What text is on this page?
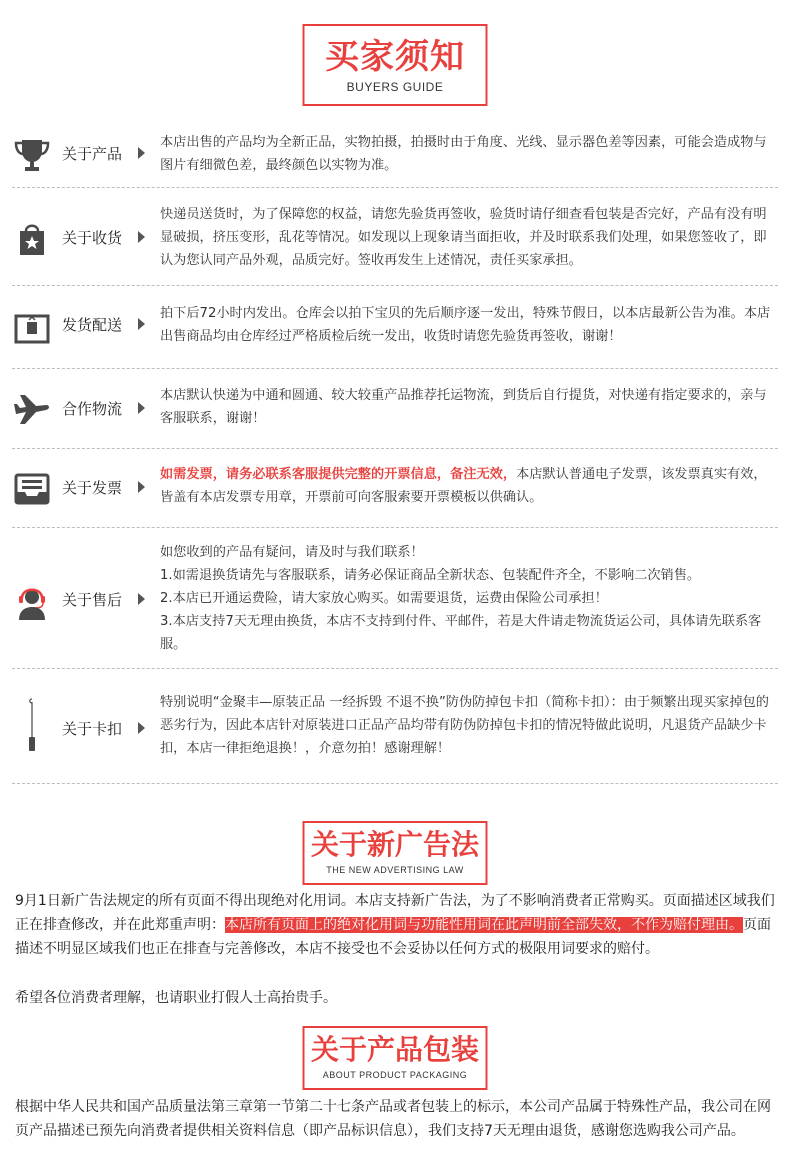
买家须知
BUYERS GUIDE
关于产品
本店出售的产品均为全新正品，实物拍摄，拍摄时由于角度、光线、显示器色差等因素，可能会造成物与图片有细微色差，最终颜色以实物为准。
关于收货
快递员送货时，为了保障您的权益，请您先验货再签收，验货时请仔细查看包装是否完好，产品有没有明显破损，挤压变形，乱花等情况。如发现以上现象请当面拒收，并及时联系我们处理，如果您签收了，即认为您认同产品外观，品质完好。签收再发生上述情况，责任买家承担。
发货配送
拍下后72小时内发出。仓库会以拍下宝贝的先后顺序逐一发出，特殊节假日，以本店最新公告为准。本店出售商品均由仓库经过严格质检后统一发出，收货时请您先验货再签收，谢谢！
合作物流
本店默认快递为中通和圆通、较大较重产品推荐托运物流，到货后自行提货，对快递有指定要求的，亲与客服联系，谢谢！
关于发票
如需发票，请务必联系客服提供完整的开票信息，备注无效，本店默认普通电子发票，该发票真实有效，皆盖有本店发票专用章，开票前可向客服索要开票模板以供确认。
关于售后
如您收到的产品有疑问，请及时与我们联系！
1.如需退换货请先与客服联系，请务必保证商品全新状态、包装配件齐全，不影响二次销售。
2.本店已开通运费险，请大家放心购买。如需要退货，运费由保险公司承担！
3.本店支持7天无理由换货，本店不支持到付件、平邮件，若是大件请走物流货运公司，具体请先联系客服。
关于卡扣
特别说明“金聚丰—原装正品 一经拆毁 不退不换”防伪防掉包卡扣（简称卡扣）：由于频繁出现买家掉包的恶劣行为，因此本店针对原装进口正品产品均带有防伪防掉包卡扣的情况特做此说明，凡退货产品缺少卡扣，本店一律拒绝退换！，介意勿拍！感谢理解！
关于新广告法
THE NEW ADVERTISING LAW
9月1日新广告法规定的所有页面不得出现绝对化用词。本店支持新广告法，为了不影响消费者正常购买。页面描述区域我们正在排查修改，并在此郑重声明：本店所有页面上的绝对化用词与功能性用词在此声明前全部失效，不作为赔付理由。页面描述不明显区域我们也正在排查与完善修改，本店不接受也不会妥协以任何方式的极限用词要求的赔付。
希望各位消费者理解，也请职业打假人士高抬贵手。
关于产品包装
ABOUT PRODUCT PACKAGING
根据中华人民共和国产品质量法第三章第一节第二十七条产品或者包装上的标示，本公司产品属于特殊性产品，我公司在网页产品描述已预先向消费者提供相关资料信息（即产品标识信息），我们支持7天无理由退货，感谢您选购我公司产品。
